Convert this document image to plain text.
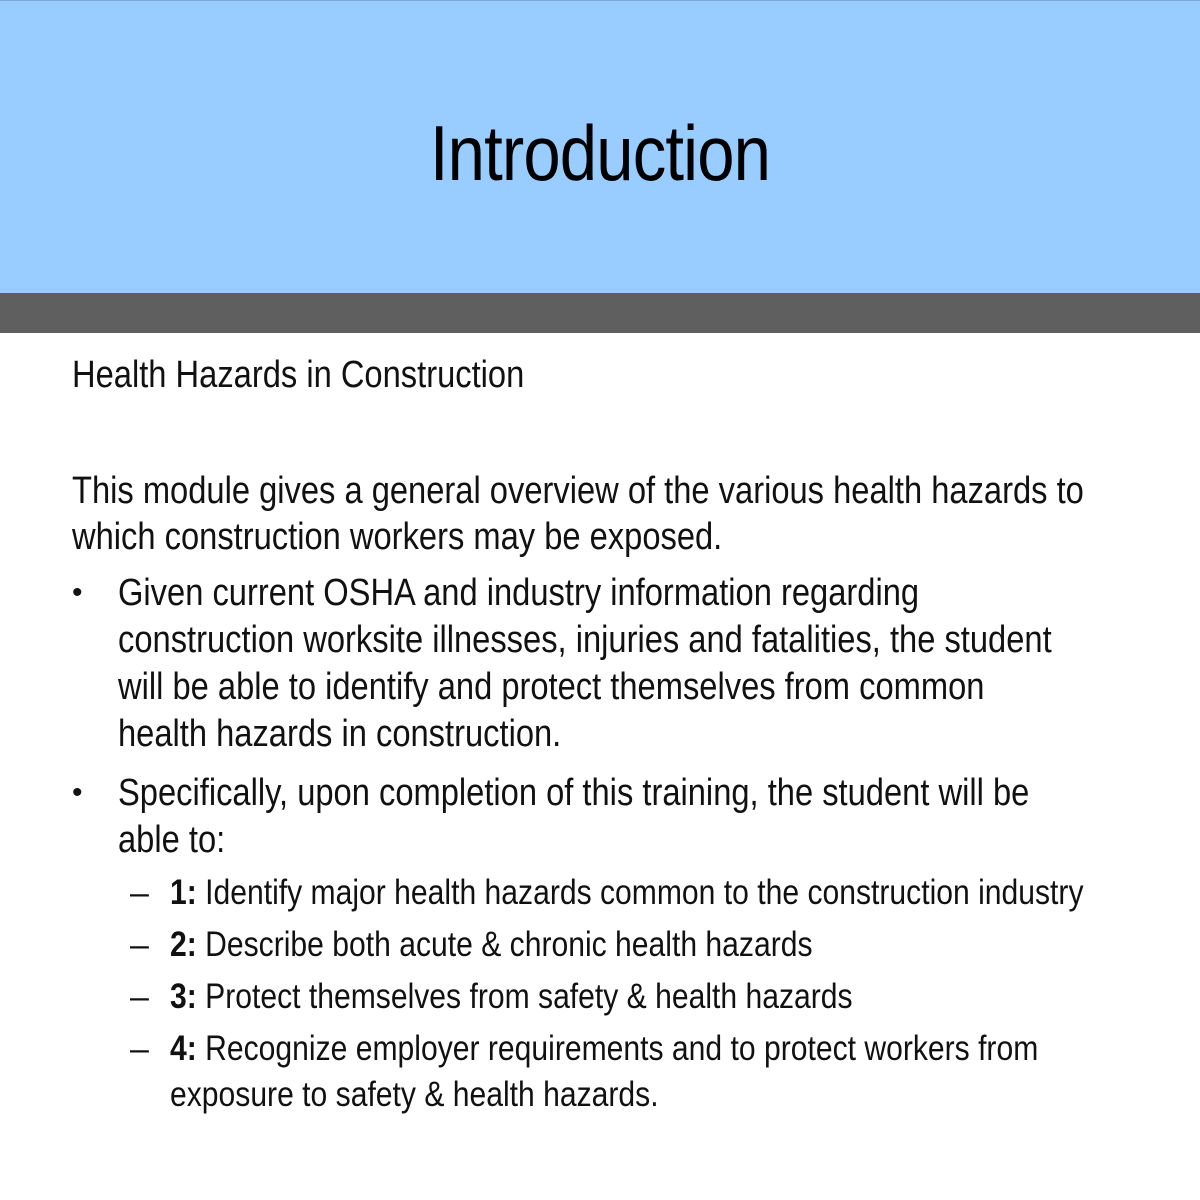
Introduction
Health Hazards in Construction
This module gives a general overview of the various health hazards to
which construction workers may be exposed.
• Given current OSHA and industry information regarding
construction worksite illnesses, injuries and fatalities, the student
will be able to identify and protect themselves from common
health hazards in construction.
• Specifically, upon completion of this training, the student will be
able to:
– 1: Identify major health hazards common to the construction industry
– 2: Describe both acute & chronic health hazards
– 3: Protect themselves from safety & health hazards
– 4: Recognize employer requirements and to protect workers from
exposure to safety & health hazards.
